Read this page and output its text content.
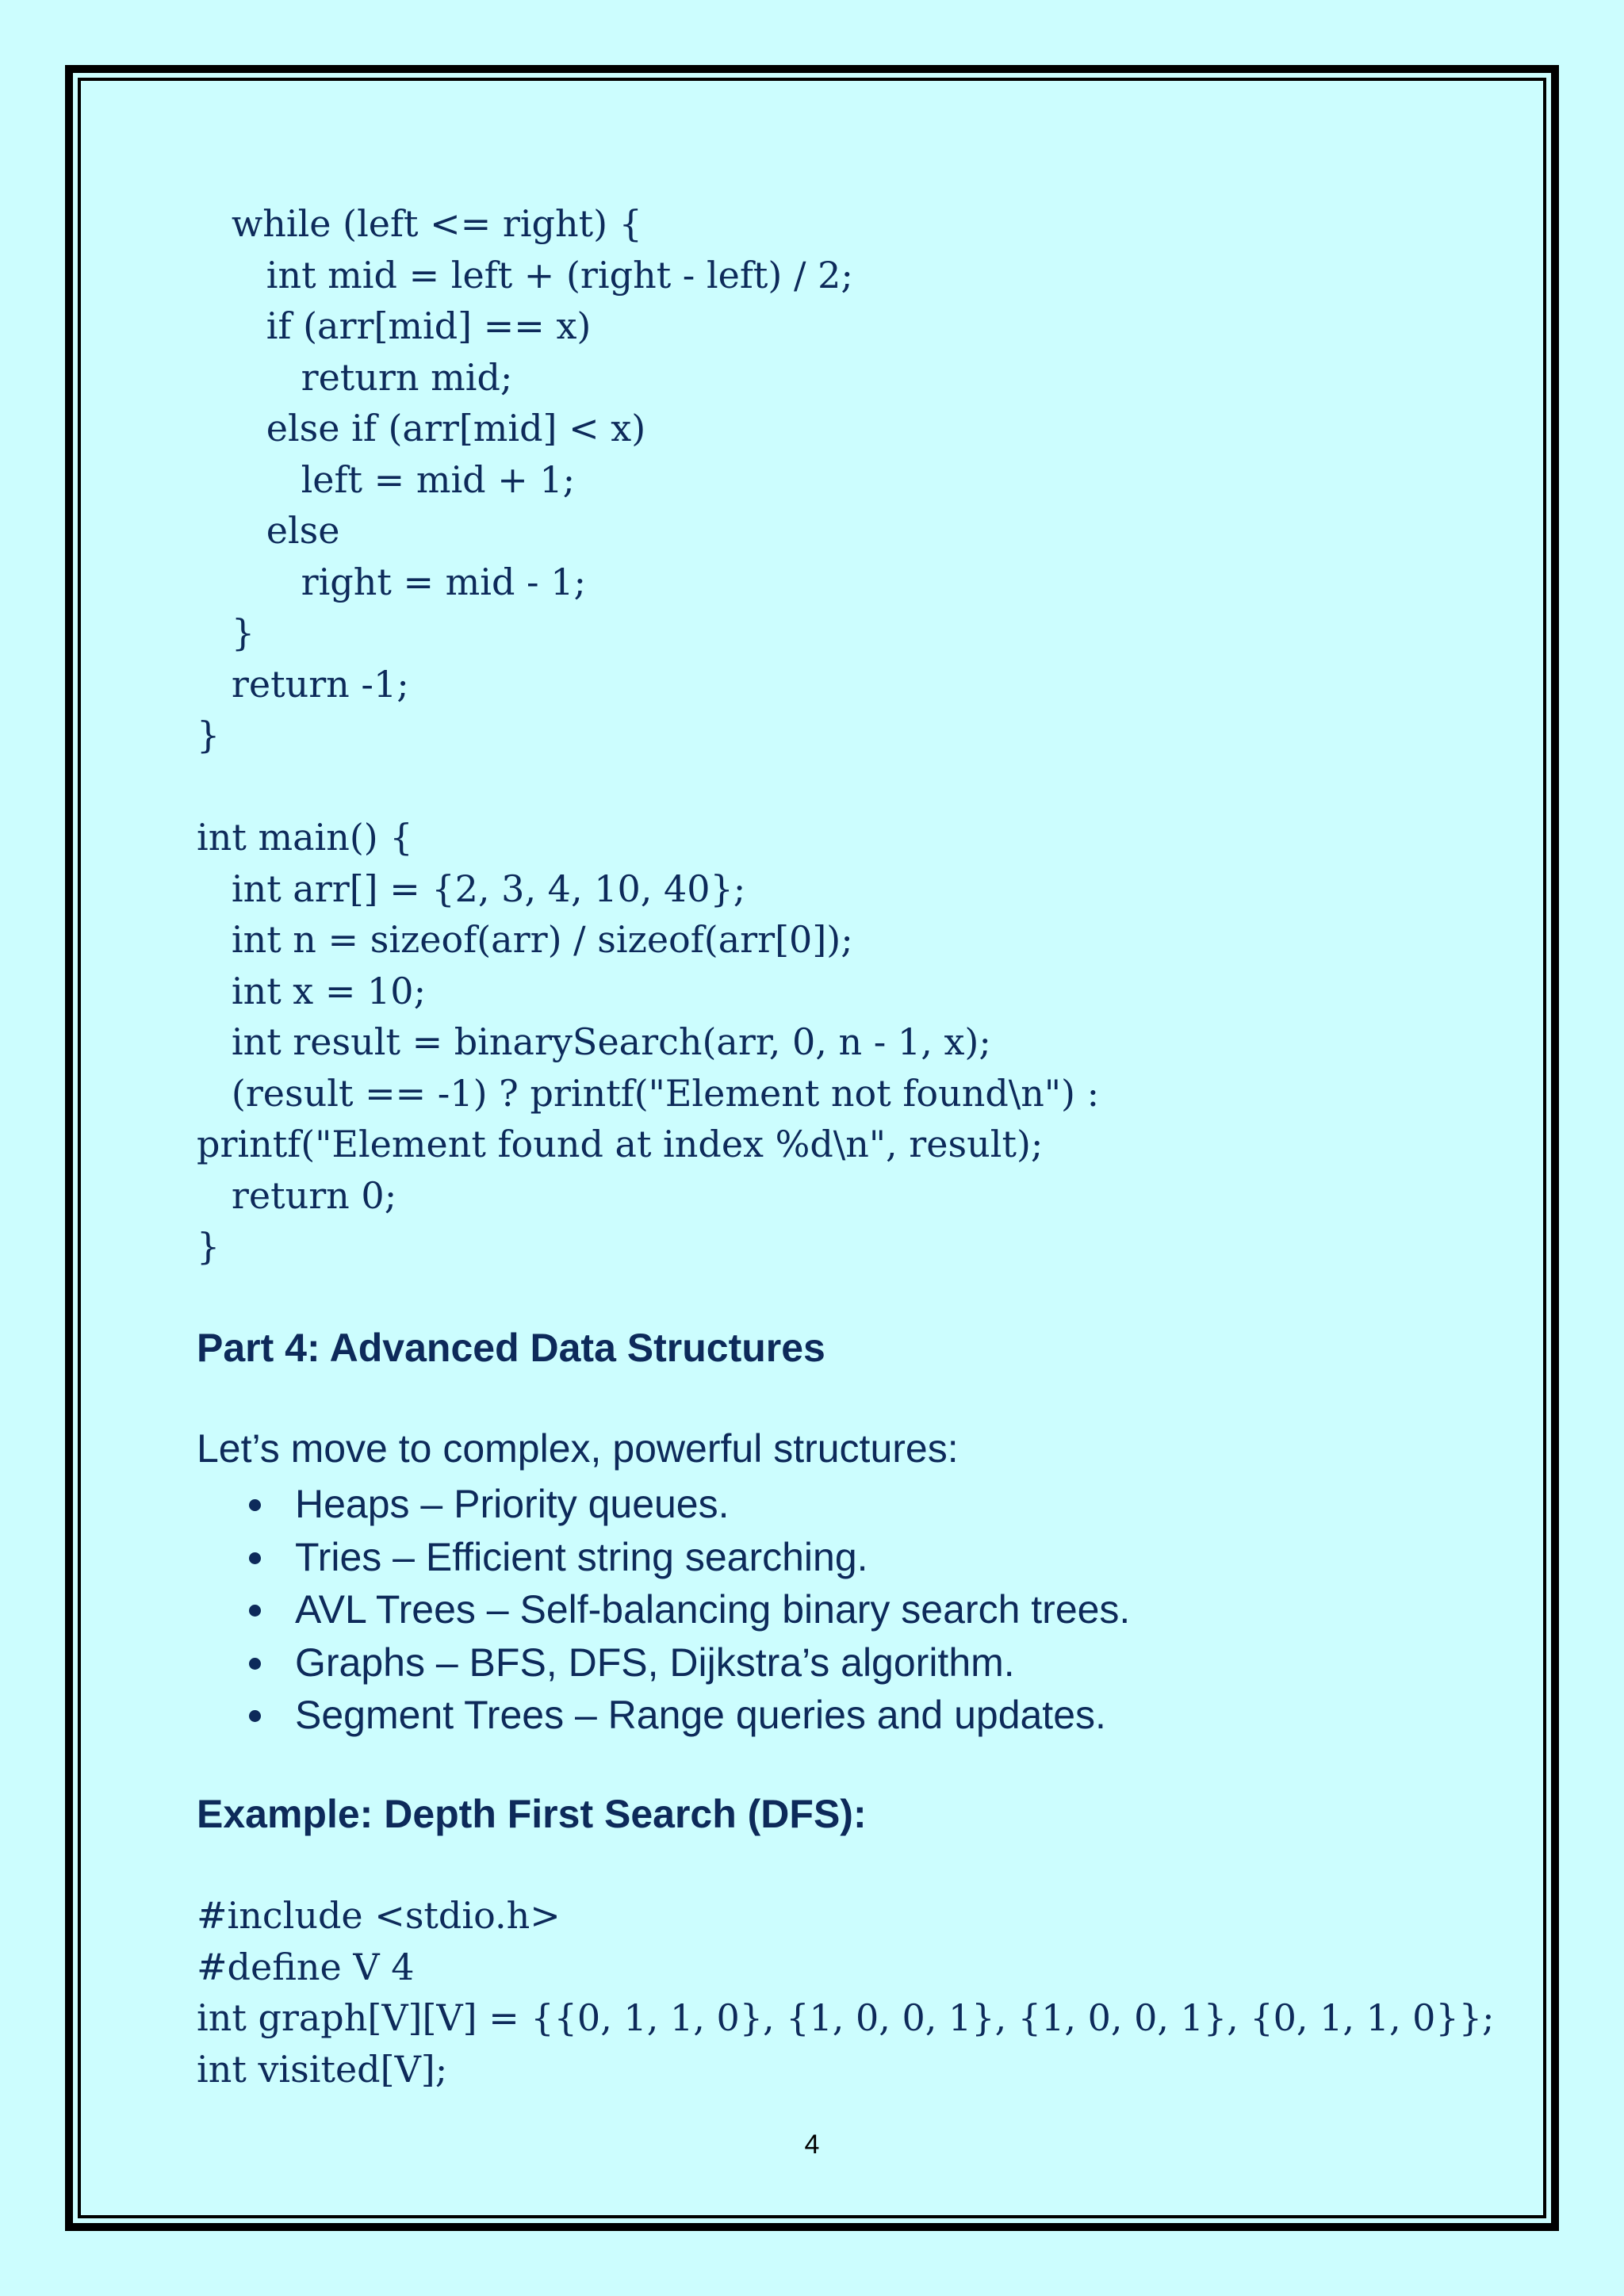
while (left <= right) {
int mid = left + (right - left) / 2;
if (arr[mid] == x)
return mid;
else if (arr[mid] < x)
left = mid + 1;
else
right = mid - 1;
}
return -1;
}
int main() {
int arr[] = {2, 3, 4, 10, 40};
int n = sizeof(arr) / sizeof(arr[0]);
int x = 10;
int result = binarySearch(arr, 0, n - 1, x);
(result == -1) ? printf("Element not found\n") :
printf("Element found at index %d\n", result);
return 0;
}
Part 4: Advanced Data Structures

Let’s move to complex, powerful structures:

Heaps – Priority queues.
Tries – Efficient string searching.
AVL Trees – Self-balancing binary search trees.
Graphs – BFS, DFS, Dijkstra’s algorithm.
Segment Trees – Range queries and updates.
Example: Depth First Search (DFS):
#include <stdio.h>
#define V 4
int graph[V][V] = {{0, 1, 1, 0}, {1, 0, 0, 1}, {1, 0, 0, 1}, {0, 1, 1, 0}};
int visited[V];
4
